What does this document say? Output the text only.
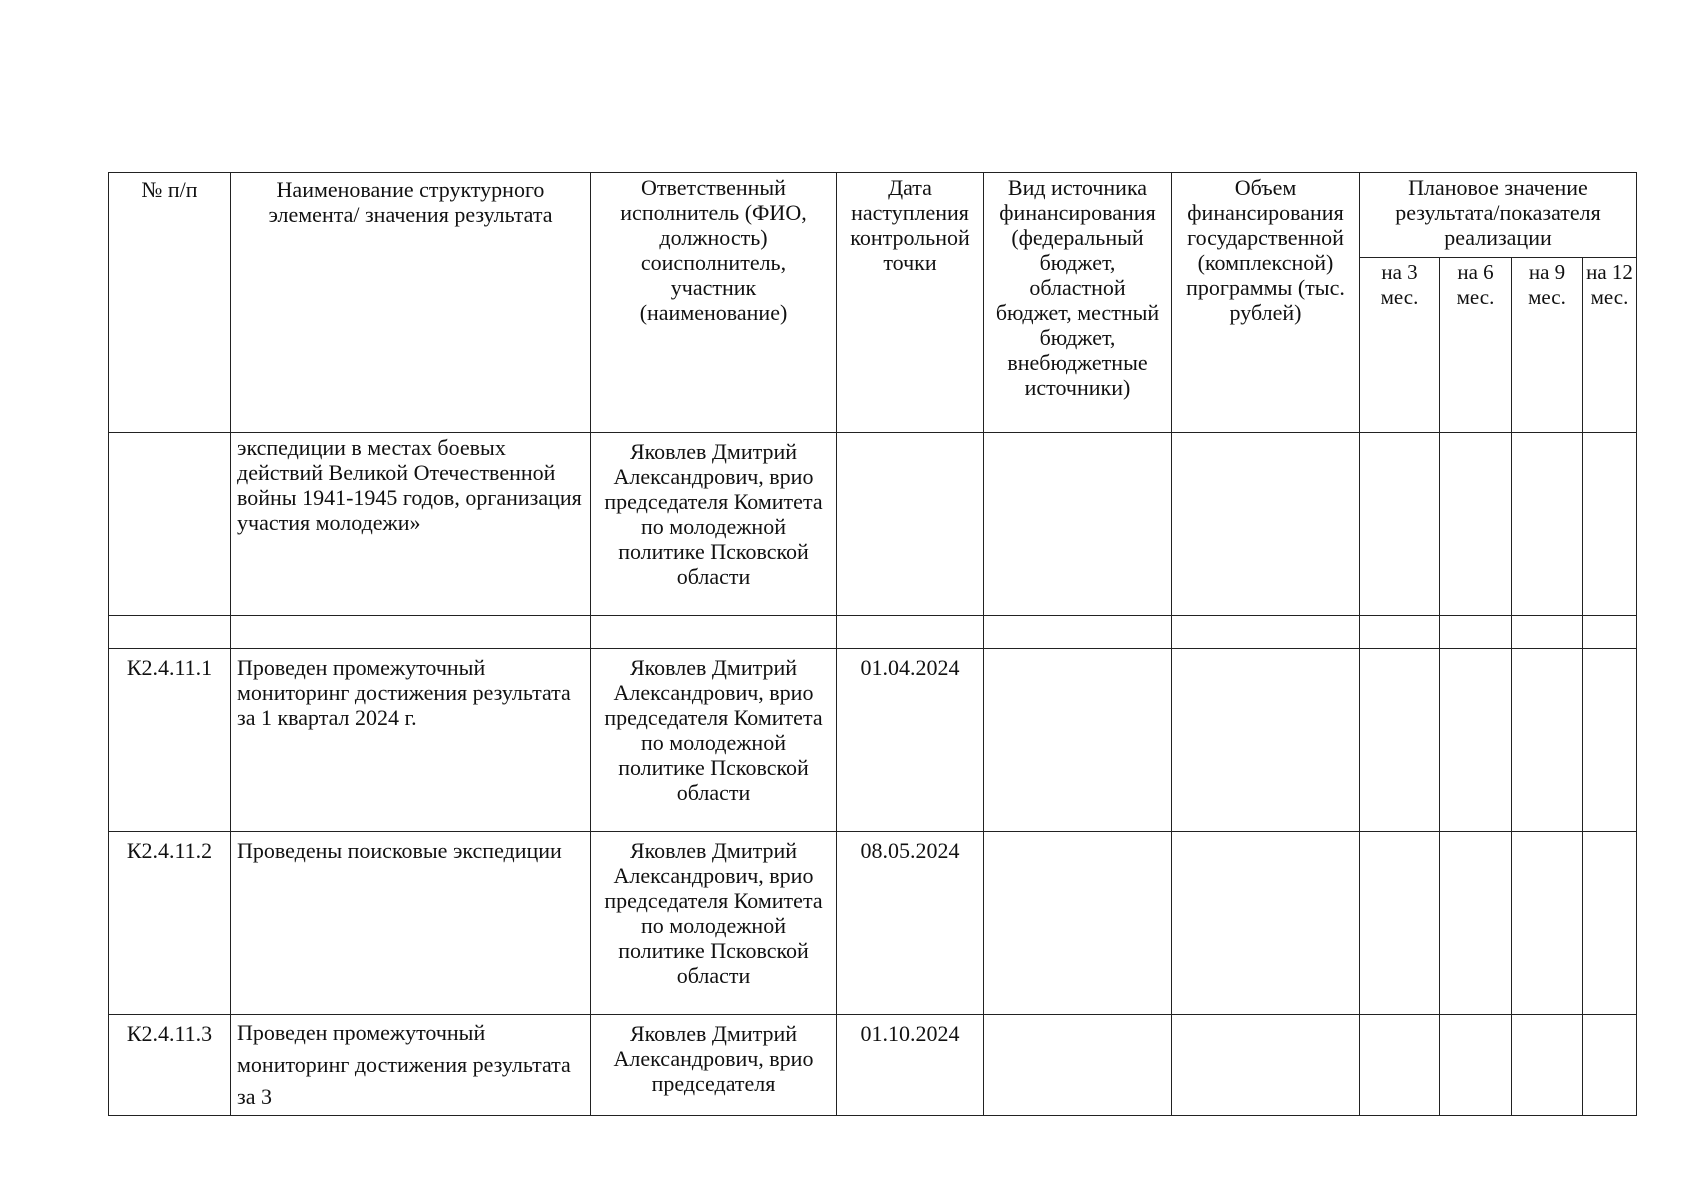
№ п/п	Наименование структурного элемента/ значения результата	Ответственный исполнитель (ФИО, должность) соисполнитель, участник (наименование)	Дата наступления контрольной точки	Вид источника финансирования (федеральный бюджет, областной бюджет, местный бюджет, внебюджетные источники)	Объем финансирования государственной (комплексной) программы (тыс. рублей)	Плановое значение результата/показателя реализации			
						на 3 мес.	на 6 мес.	на 9 мес.	на 12 мес.
	экспедиции в местах боевых действий Великой Отечественной войны 1941-1945 годов, организация участия молодежи»	Яковлев Дмитрий Александрович, врио председателя Комитета по молодежной политике Псковской области							

К2.4.11.1	Проведен промежуточный мониторинг достижения результата за 1 квартал 2024 г.	Яковлев Дмитрий Александрович, врио председателя Комитета по молодежной политике Псковской области	01.04.2024						
К2.4.11.2	Проведены поисковые экспедиции	Яковлев Дмитрий Александрович, врио председателя Комитета по молодежной политике Псковской области	08.05.2024						
К2.4.11.3	Проведен промежуточный мониторинг достижения результата за 3	Яковлев Дмитрий Александрович, врио председателя	01.10.2024						
